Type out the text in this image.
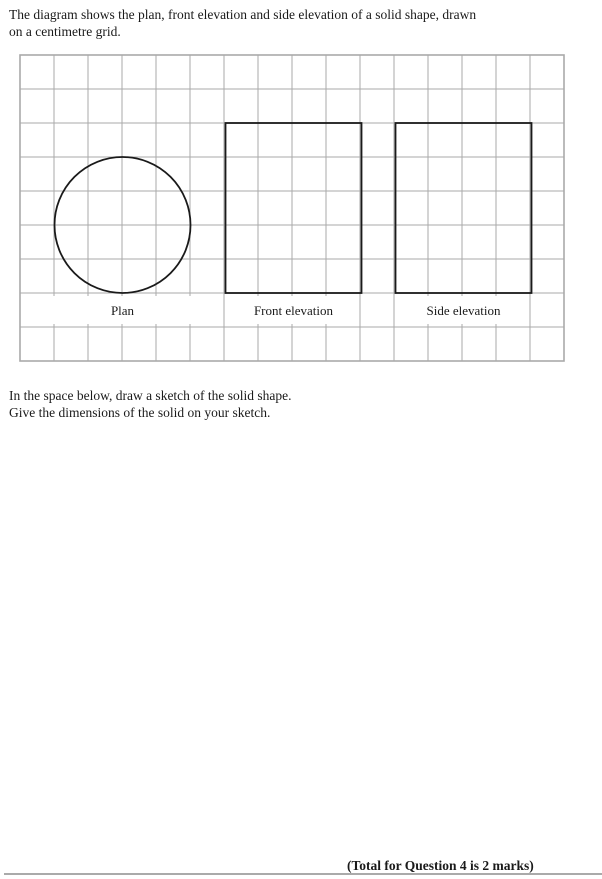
The diagram shows the plan, front elevation and side elevation of a solid shape, drawn
on a centimetre grid.

Plan	Front elevation	Side elevation

In the space below, draw a sketch of the solid shape.
Give the dimensions of the solid on your sketch.

(Total for Question 4 is 2 marks)
